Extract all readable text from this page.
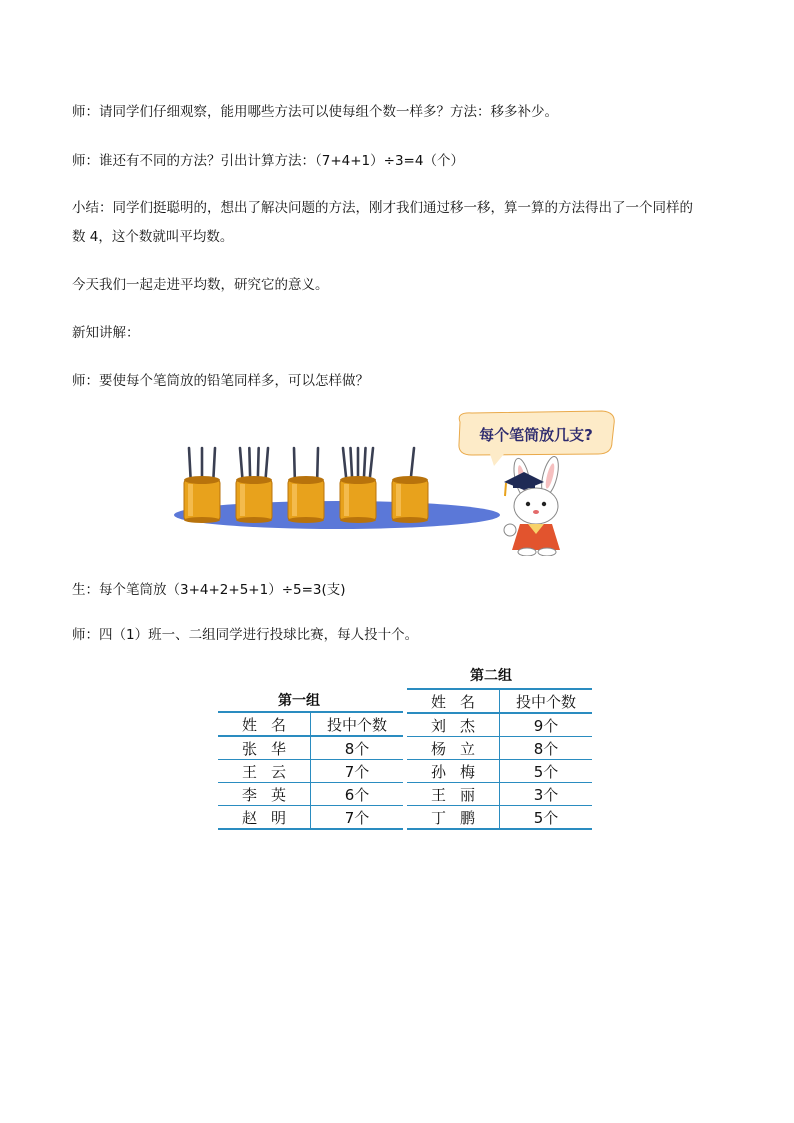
师：请同学们仔细观察，能用哪些方法可以使每组个数一样多？方法：移多补少。
师：谁还有不同的方法？引出计算方法：（7+4+1）÷3=4（个）
小结：同学们挺聪明的，想出了解决问题的方法，刚才我们通过移一移，算一算的方法得出了一个同样的
数 4，这个数就叫平均数。
今天我们一起走进平均数，研究它的意义。
新知讲解：
师：要使每个笔筒放的铅笔同样多，可以怎样做？
每个笔筒放几支?
生：每个笔筒放（3+4+2+5+1）÷5=3(支)
师：四（1）班一、二组同学进行投球比赛，每人投十个。
第一组
姓名	投中个数
张华	8个
王云	7个
李英	6个
赵明	7个
第二组
姓名	投中个数
刘杰	9个
杨立	8个
孙梅	5个
王丽	3个
丁鹏	5个
